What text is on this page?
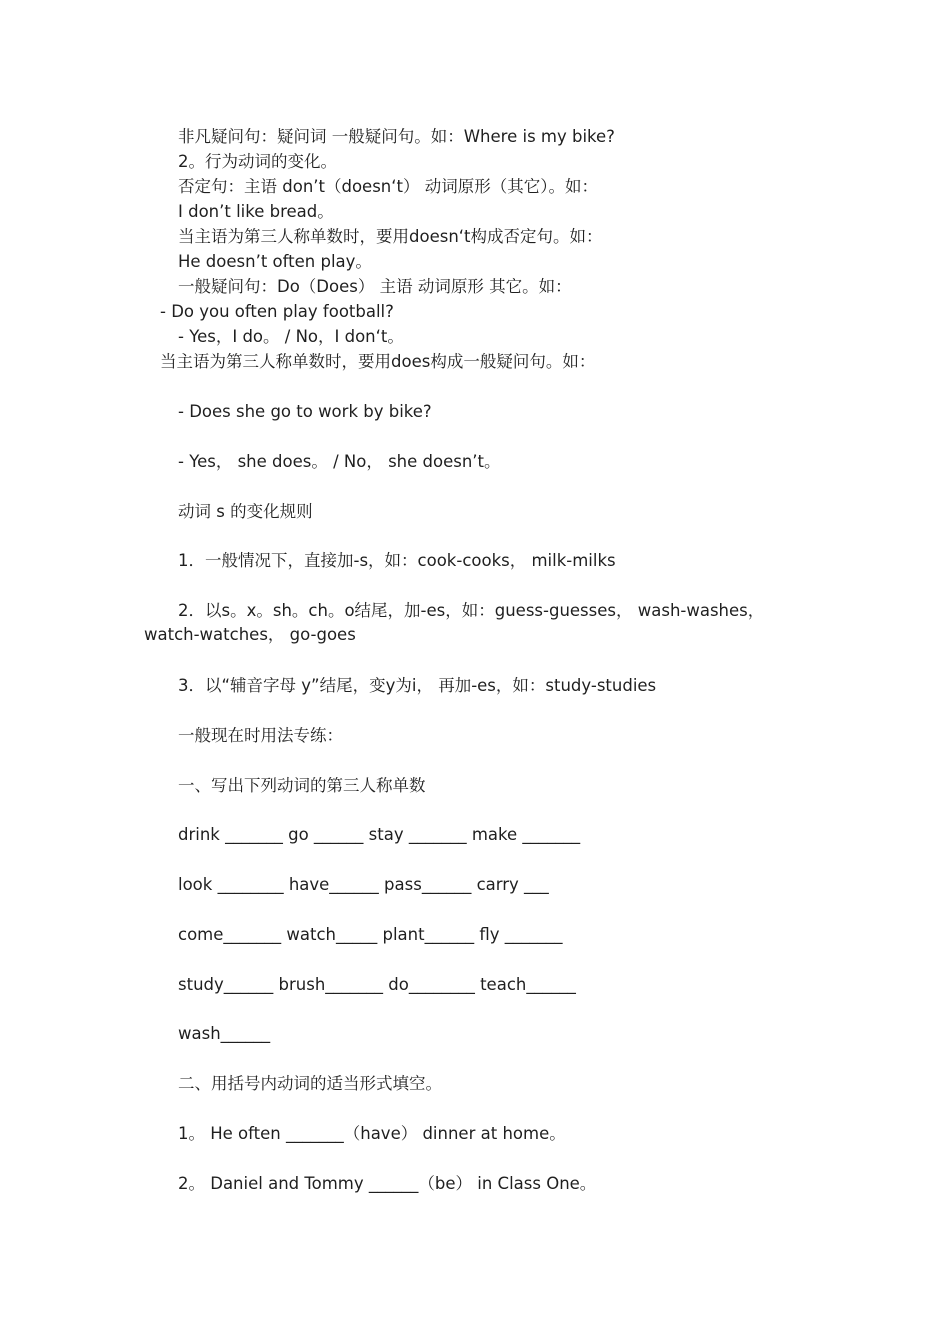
非凡疑问句：疑问词 一般疑问句。如：Where is my bike?
2。行为动词的变化。
否定句：主语 don’t（doesn‘t） 动词原形（其它）。如：
I don’t like bread。
当主语为第三人称单数时，要用doesn‘t构成否定句。如：
He doesn’t often play。
一般疑问句：Do（Does） 主语 动词原形 其它。如：
- Do you often play football?
- Yes，I do。 / No，I don‘t。
当主语为第三人称单数时，要用does构成一般疑问句。如：
- Does she go to work by bike?
- Yes， she does。 / No， she doesn’t。
动词 s 的变化规则
1．一般情况下，直接加-s，如：cook-cooks， milk-milks
2．以s。x。sh。ch。o结尾，加-es，如：guess-guesses， wash-washes， watch-watches， go-goes
3．以“辅音字母 y”结尾，变y为i， 再加-es，如：study-studies
一般现在时用法专练：
一、写出下列动词的第三人称单数
drink _______ go ______ stay _______ make _______
look ________ have______ pass______ carry ___
come_______ watch_____ plant______ fly _______
study______ brush_______ do________ teach______
wash______
二、用括号内动词的适当形式填空。
1。 He often _______（have） dinner at home。
2。 Daniel and Tommy ______（be） in Class One。
